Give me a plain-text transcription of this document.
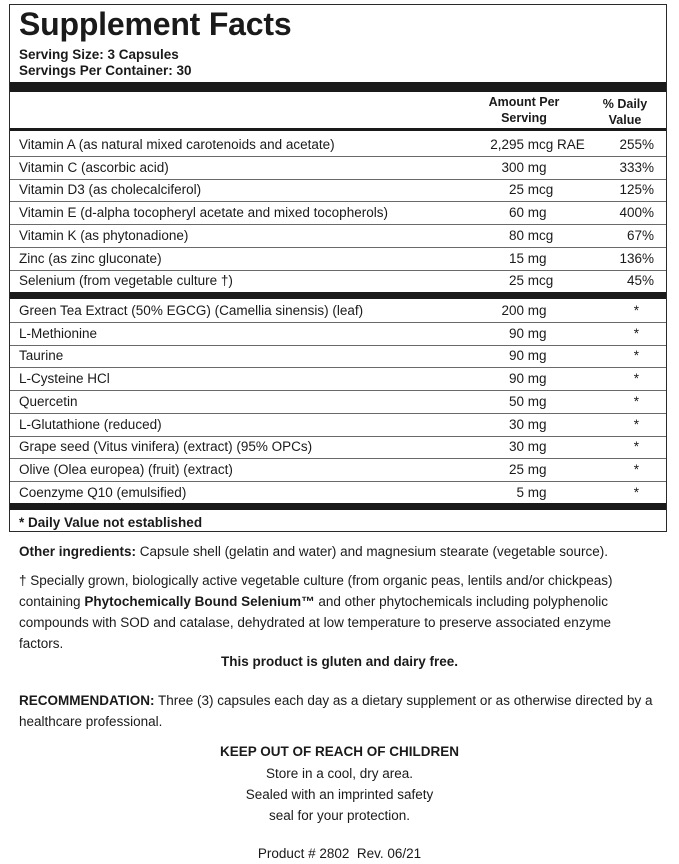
Supplement Facts
Serving Size: 3 Capsules
Servings Per Container: 30
Amount Per
Serving
% Daily
Value
* Daily Value not established
Vitamin A (as natural mixed carotenoids and acetate)	2,295 mcg RAE	255%
Vitamin C (ascorbic acid)	300 mg	333%
Vitamin D3 (as cholecalciferol)	25 mcg	125%
Vitamin E (d-alpha tocopheryl acetate and mixed tocopherols)	60 mg	400%
Vitamin K (as phytonadione)	80 mcg	67%
Zinc (as zinc gluconate)	15 mg	136%
Selenium (from vegetable culture †)	25 mcg	45%
Green Tea Extract (50% EGCG) (Camellia sinensis) (leaf)	200 mg	*
L-Methionine	90 mg	*
Taurine	90 mg	*
L-Cysteine HCl	90 mg	*
Quercetin	50 mg	*
L-Glutathione (reduced)	30 mg	*
Grape seed (Vitus vinifera) (extract) (95% OPCs)	30 mg	*
Olive (Olea europea) (fruit) (extract)	25 mg	*
Coenzyme Q10 (emulsified)	5 mg	*
Other ingredients: Capsule shell (gelatin and water) and magnesium stearate (vegetable source).
† Specially grown, biologically active vegetable culture (from organic peas, lentils and/or chickpeas) containing Phytochemically Bound Selenium™ and other phytochemicals including polyphenolic compounds with SOD and catalase, dehydrated at low temperature to preserve associated enzyme factors.
This product is gluten and dairy free.
RECOMMENDATION: Three (3) capsules each day as a dietary supplement or as otherwise directed by a healthcare professional.
KEEP OUT OF REACH OF CHILDREN
Store in a cool, dry area.
Sealed with an imprinted safety
seal for your protection.
Product # 2802  Rev. 06/21
